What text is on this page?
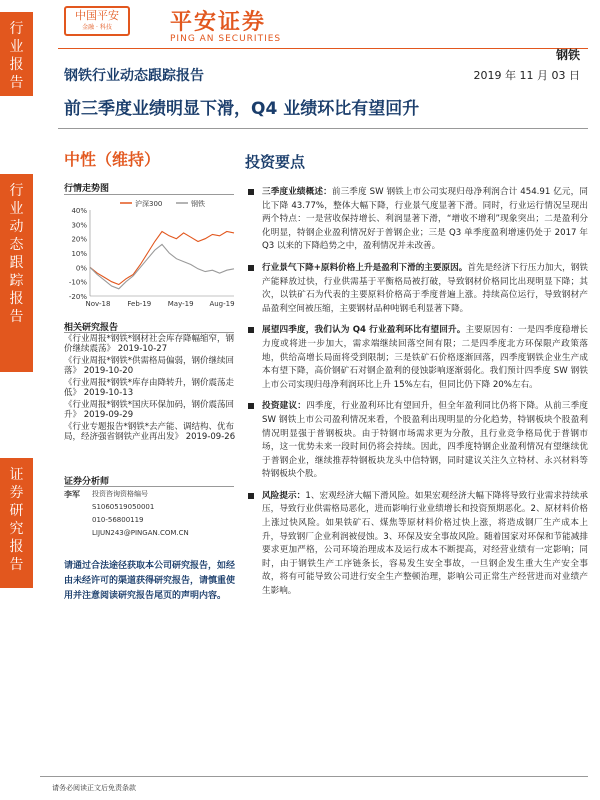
行
业
报
告
行
业
动
态
跟
踪
报
告
证
券
研
究
报
告
中国平安
金融 · 科技	平安证券
PING AN SECURITIES
钢铁
钢铁行业动态跟踪报告	2019 年 11 月 03 日
前三季度业绩明显下滑，Q4 业绩环比有望回升
中性（维持）	投资要点
行情走势图
40%
30%
20%
10%
0%
-10%
-20%
Nov-18 Feb-19 May-19 Aug-19
沪深300	钢铁
相关研究报告
《行业周报*钢铁*钢材社会库存降幅缩窄，钢价继续震荡》 2019-10-27
《行业周报*钢铁*供需格局偏弱，钢价继续回落》 2019-10-20
《行业周报*钢铁*库存由降转升，钢价震荡走低》 2019-10-13
《行业周报*钢铁*国庆环保加码，钢价震荡回升》 2019-09-29
《行业专题报告*钢铁*去产能、调结构、优布局，经济强省钢铁产业再出发》 2019-09-26
证券分析师
李军 投资咨询资格编号
S1060519050001
010-56800119
LIJUN243@PINGAN.COM.CN
请通过合法途径获取本公司研究报告，如经由未经许可的渠道获得研究报告，请慎重使用并注意阅读研究报告尾页的声明内容。
三季度业绩概述：前三季度 SW 钢铁上市公司实现归母净利润合计 454.91 亿元，同比下降 43.77%，整体大幅下降，行业景气度显著下滑。同时，行业运行情况呈现出两个特点：一是营收保持增长、利润显著下滑，“增收不增利”现象突出；二是盈利分化明显，特钢企业盈利情况好于普钢企业；三是 Q3 单季度盈利增速仍处于 2017 年 Q3 以来的下降趋势之中，盈利情况并未改善。
行业景气下降+原料价格上升是盈利下滑的主要原因。首先是经济下行压力加大，钢铁产能释放过快，行业供需基于平衡格局被打破，导致钢材价格同比出现明显下降；其次，以铁矿石为代表的主要原料价格高于季度普遍上涨。持续高位运行，导致钢材产品盈利空间被压缩，主要钢材品种吨钢毛利显著下降。
展望四季度，我们认为 Q4 行业盈利环比有望回升。主要原因有：一是四季度稳增长力度或将进一步加大，需求端继续回落空间有限；二是四季度北方环保限产政策落地，供给高增长局面将受到限制；三是铁矿石价格逐渐回落，四季度钢铁企业生产成本有望下降，高价钢矿石对钢企盈利的侵蚀影响逐渐弱化。我们预计四季度 SW 钢铁上市公司实现归母净利润环比上升 15%左右，但同比仍下降 20%左右。
投资建议：四季度，行业盈利环比有望回升，但全年盈利同比仍将下降。从前三季度 SW 钢铁上市公司盈利情况来看，个股盈利出现明显的分化趋势，特钢板块个股盈利情况明显强于普钢板块。由于特钢市场需求更为分散，且行业竞争格局优于普钢市场，这一优势未来一段时间仍将会持续。因此，四季度特钢企业盈利情况有望继续优于普钢企业，继续推荐特钢板块龙头中信特钢，同时建议关注久立特材、永兴材料等特钢板块个股。
风险提示：1、宏观经济大幅下滑风险。如果宏观经济大幅下降将导致行业需求持续承压，导致行业供需格局恶化，进而影响行业业绩增长和投资预期恶化。2、原材料价格上涨过快风险。如果铁矿石、煤焦等原材料价格过快上涨，将造成钢厂生产成本上升，导致钢厂企业利润被侵蚀。3、环保及安全事故风险。随着国家对环保和节能减排要求更加严格，公司环境治理成本及运行成本不断提高，对经营业绩有一定影响；同时，由于钢铁生产工序链条长，容易发生安全事故，一旦钢企发生重大生产安全事故，将有可能导致公司进行安全生产整顿治理，影响公司正常生产经营进而对业绩产生影响。
请务必阅读正文后免责条款
